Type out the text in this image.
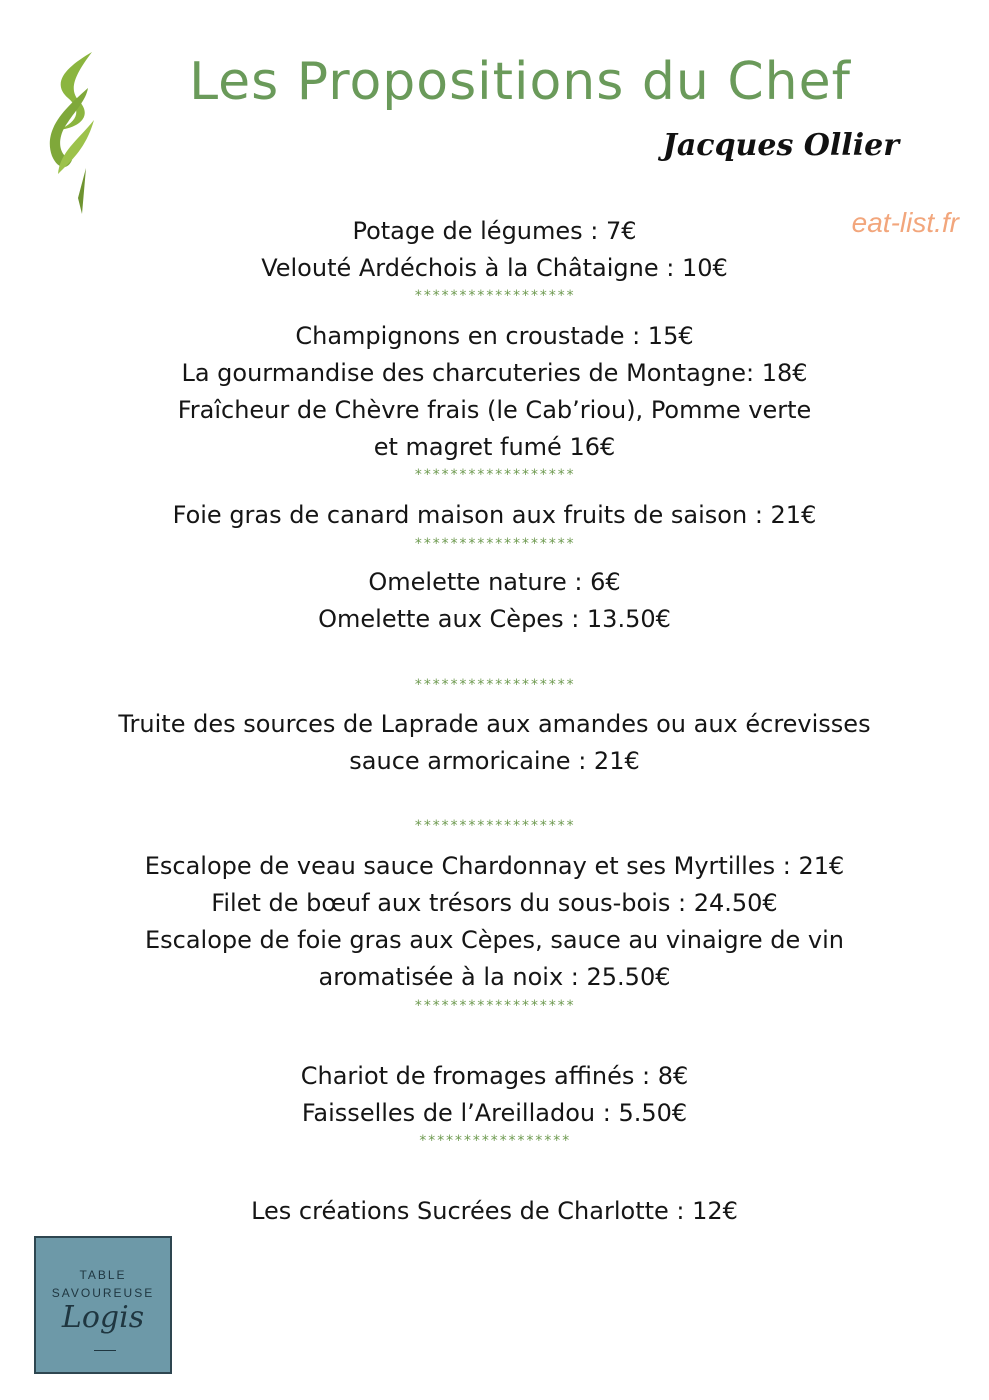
Les Propositions du Chef
Jacques Ollier
eat-list.fr
Potage de légumes : 7€
Velouté Ardéchois à la Châtaigne : 10€
******************
Champignons en croustade : 15€
La gourmandise des charcuteries de Montagne: 18€
Fraîcheur de Chèvre frais (le Cab’riou), Pomme verte
et magret fumé 16€
******************
Foie gras de canard maison aux fruits de saison : 21€
******************
Omelette nature : 6€
Omelette aux Cèpes : 13.50€
******************
Truite des sources de Laprade aux amandes ou aux écrevisses
sauce armoricaine : 21€
******************
Escalope de veau sauce Chardonnay et ses Myrtilles : 21€
Filet de bœuf aux trésors du sous-bois : 24.50€
Escalope de foie gras aux Cèpes, sauce au vinaigre de vin
aromatisée à la noix : 25.50€
******************
Chariot de fromages affinés : 8€
Faisselles de l’Areilladou : 5.50€
*****************
Les créations Sucrées de Charlotte : 12€
TABLE
SAVOUREUSE
Logis
